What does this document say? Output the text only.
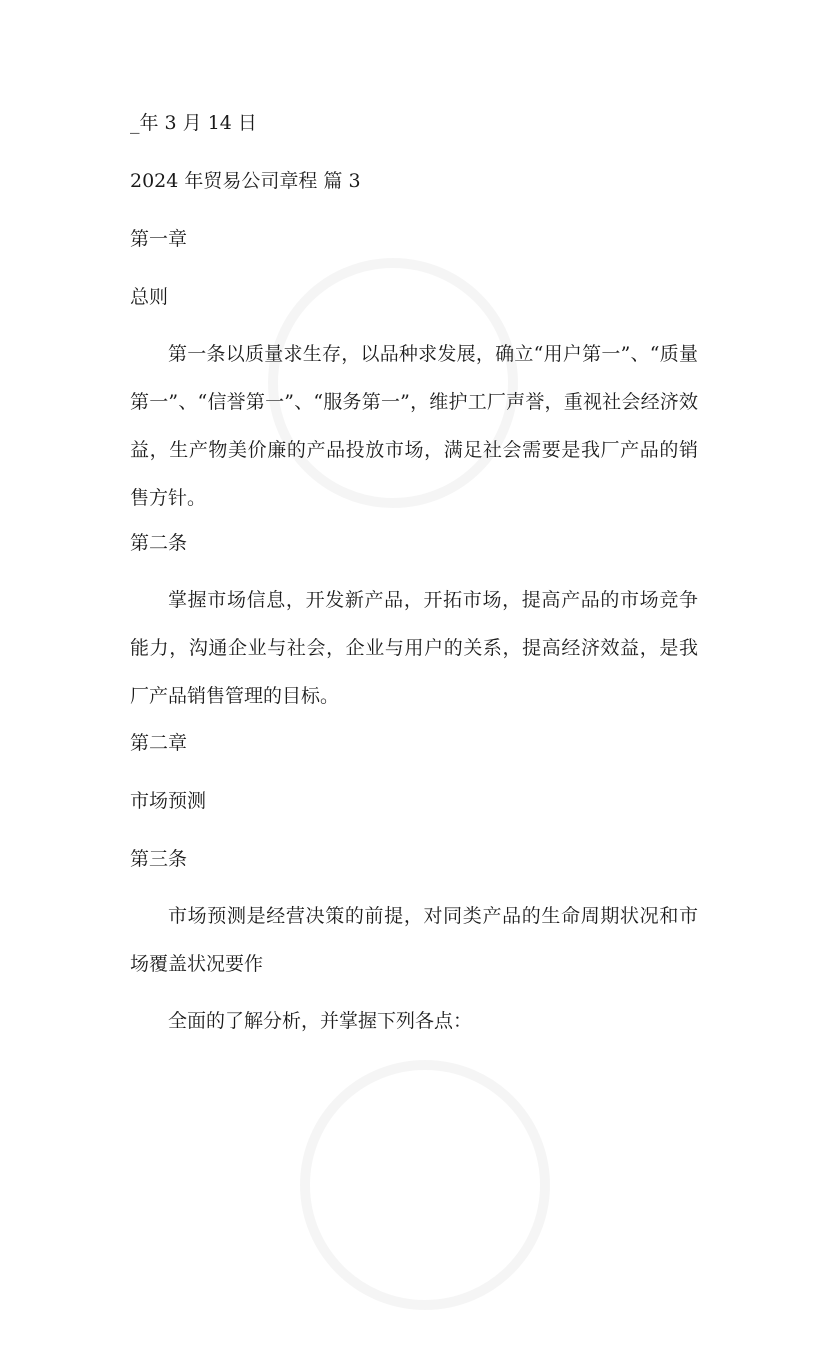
_年 3 月 14 日
2024 年贸易公司章程 篇 3
第一章
总则
第一条以质量求生存，以品种求发展，确立“用户第一”、“质量第一”、“信誉第一”、“服务第一”，维护工厂声誉，重视社会经济效益，生产物美价廉的产品投放市场，满足社会需要是我厂产品的销售方针。
第二条
掌握市场信息，开发新产品，开拓市场，提高产品的市场竞争能力，沟通企业与社会，企业与用户的关系，提高经济效益，是我厂产品销售管理的目标。
第二章
市场预测
第三条
市场预测是经营决策的前提，对同类产品的生命周期状况和市场覆盖状况要作
全面的了解分析，并掌握下列各点：
